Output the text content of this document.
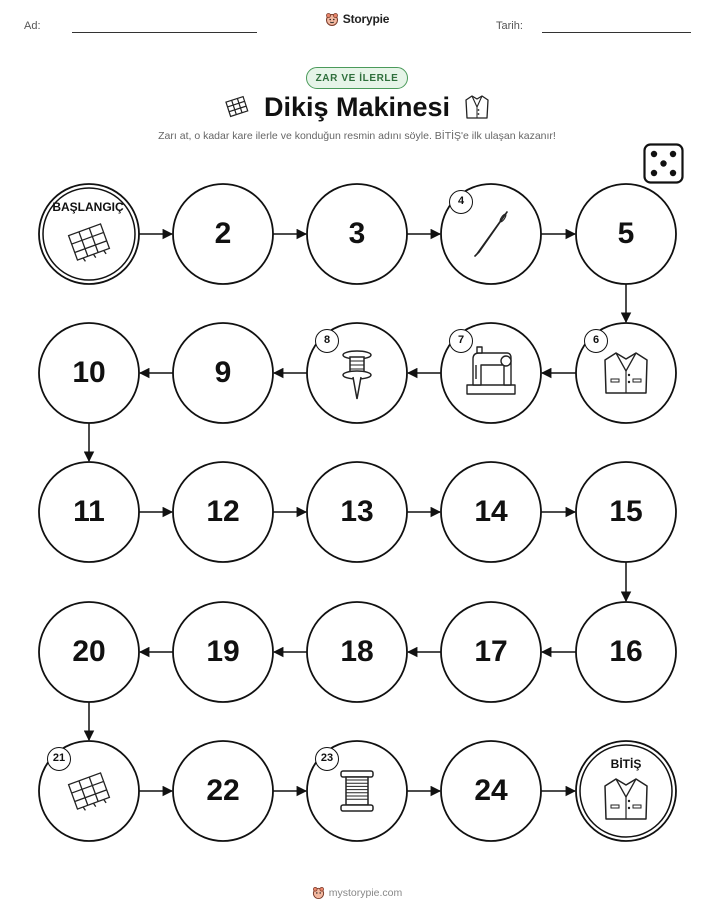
Ad:	Storypie	Tarih:
ZAR VE İLERLE
Dikiş Makinesi
Zarı at, o kadar kare ilerle ve konduğun resmin adını söyle. BİTİŞ'e ilk ulaşan kazanır!
BAŞLANGIÇ
2	3
4
5
6
7
8
9
10
11	12	13	14	15
16
17
18
19
20
21
22
23
24
BİTİŞ
mystorypie.com
